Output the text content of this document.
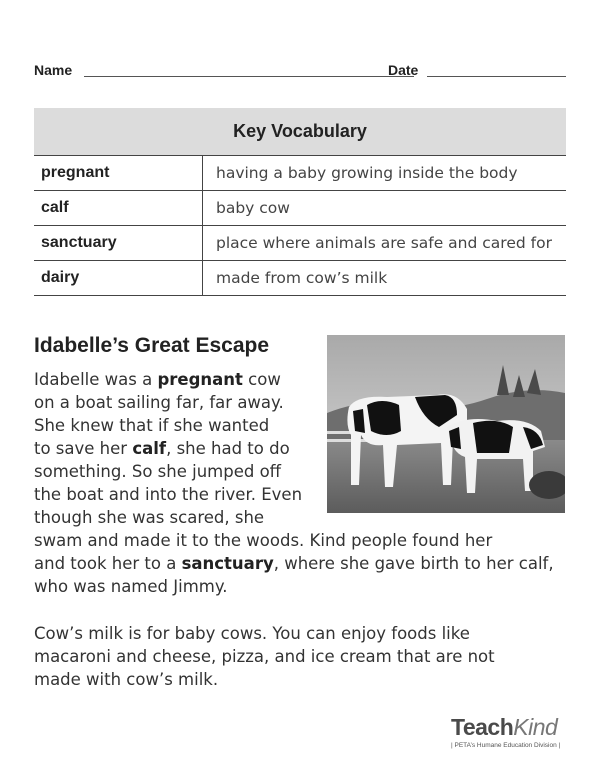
Name	Date
Key Vocabulary	
pregnant	having a baby growing inside the body
calf	baby cow
sanctuary	place where animals are safe and cared for
dairy	made from cow’s milk
Idabelle’s Great Escape
Idabelle was a pregnant cow
on a boat sailing far, far away.
She knew that if she wanted
to save her calf, she had to do
something. So she jumped off
the boat and into the river. Even
though she was scared, she
swam and made it to the woods. Kind people found her
and took her to a sanctuary, where she gave birth to her calf,
who was named Jimmy.
Cow’s milk is for baby cows. You can enjoy foods like
macaroni and cheese, pizza, and ice cream that are not
made with cow’s milk.
TeachKind
| PETA’s Humane Education Division |
